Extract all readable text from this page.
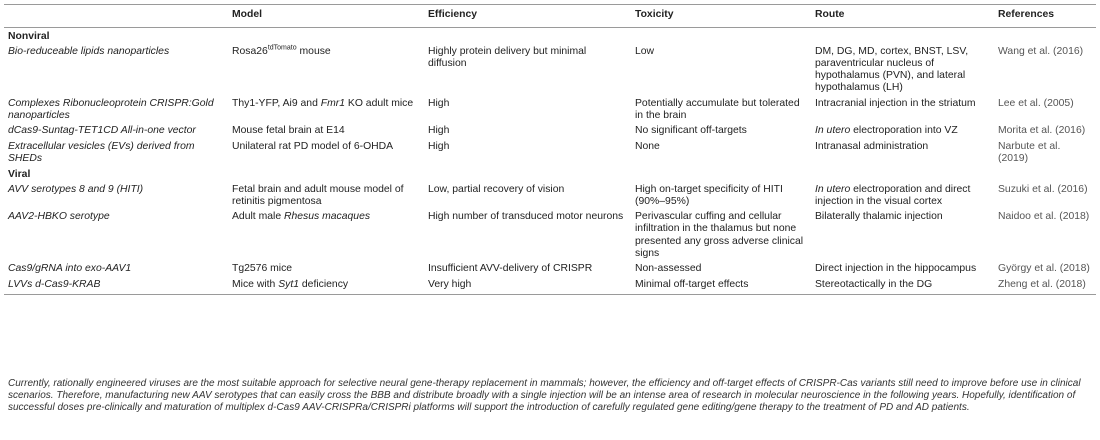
	Model	Efficiency	Toxicity	Route	References
Nonviral					
Bio-reduceable lipids nanoparticles	$Rosa26^{tdTomato}$ mouse	Highly protein delivery but minimal diffusion	Low	DM, DG, MD, cortex, BNST, LSV, paraventricular nucleus of hypothalamus (PVN), and lateral hypothalamus (LH)	Wang et al. (2016)
Complexes Ribonucleoprotein CRISPR:Gold nanoparticles	Thy1-YFP, Ai9 and Fmr1 KO adult mice	High	Potentially accumulate but tolerated in the brain	Intracranial injection in the striatum	Lee et al. (2005)
dCas9-Suntag-TET1CD All-in-one vector	Mouse fetal brain at E14	High	No significant off-targets	In utero electroporation into VZ	Morita et al. (2016)
Extracellular vesicles (EVs) derived from SHEDs	Unilateral rat PD model of 6-OHDA	High	None	Intranasal administration	Narbute et al. (2019)
Viral					
AVV serotypes 8 and 9 (HITI)	Fetal brain and adult mouse model of retinitis pigmentosa	Low, partial recovery of vision	High on-target specificity of HITI (90%–95%)	In utero electroporation and direct injection in the visual cortex	Suzuki et al. (2016)
AAV2-HBKO serotype	Adult male Rhesus macaques	High number of transduced motor neurons	Perivascular cuffing and cellular infiltration in the thalamus but none presented any gross adverse clinical signs	Bilaterally thalamic injection	Naidoo et al. (2018)
Cas9/gRNA into exo-AAV1	Tg2576 mice	Insufficient AVV-delivery of CRISPR	Non-assessed	Direct injection in the hippocampus	György et al. (2018)
LVVs d-Cas9-KRAB	Mice with Syt1 deficiency	Very high	Minimal off-target effects	Stereotactically in the DG	Zheng et al. (2018)
Currently, rationally engineered viruses are the most suitable approach for selective neural gene-therapy replacement in mammals; however, the efficiency and off-target effects of CRISPR-Cas variants still need to improve before use in clinical scenarios. Therefore, manufacturing new AAV serotypes that can easily cross the BBB and distribute broadly with a single injection will be an intense area of research in molecular neuroscience in the following years. Hopefully, identification of successful doses pre-clinically and maturation of multiplex d-Cas9 AAV-CRISPRa/CRISPRi platforms will support the introduction of carefully regulated gene editing/gene therapy to the treatment of PD and AD patients.
